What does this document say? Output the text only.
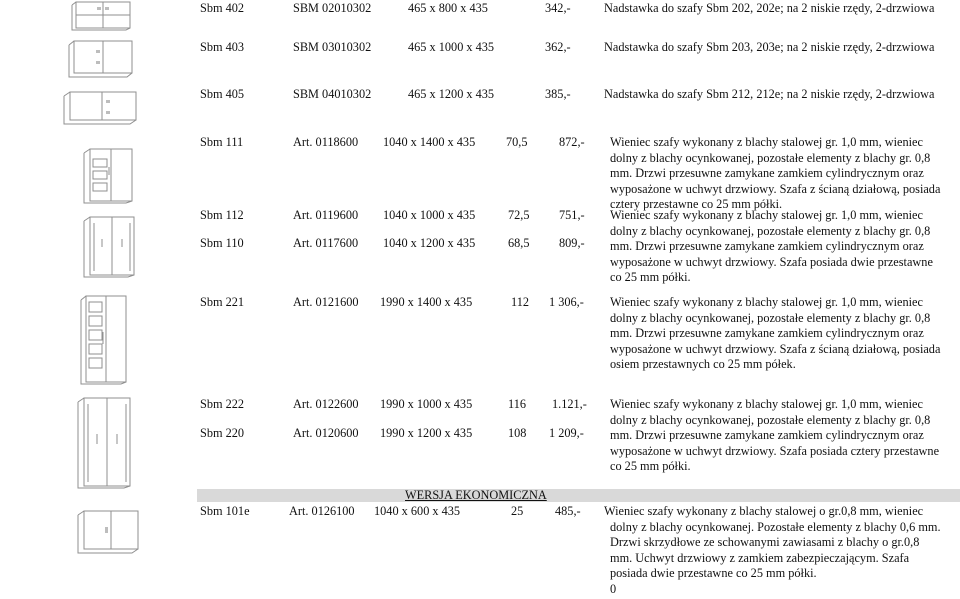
Sbm 402	SBM 02010302	465 x 800 x 435	342,-	Nadstawka do szafy Sbm 202, 202e; na 2 niskie rzędy, 2-drzwiowa
Sbm 403	SBM 03010302	465 x 1000 x 435	362,-	Nadstawka do szafy Sbm 203, 203e; na 2 niskie rzędy, 2-drzwiowa
Sbm 405	SBM 04010302	465 x 1200 x 435	385,-	Nadstawka do szafy Sbm 212, 212e; na 2 niskie rzędy, 2-drzwiowa
Sbm 111	Art. 0118600 1040 x 1400 x 435	70,5	872,- Wieniec szafy wykonany z blachy stalowej gr. 1,0 mm, wieniec
dolny z blachy ocynkowanej, pozostałe elementy z blachy gr. 0,8
mm. Drzwi przesuwne zamykane zamkiem cylindrycznym oraz
wyposażone w uchwyt drzwiowy. Szafa z ścianą działową, posiada
cztery przestawne co 25 mm półki.
Sbm 112	Art. 0119600 1040 x 1000 x 435	72,5 751,- Wieniec szafy wykonany z blachy stalowej gr. 1,0 mm, wieniec
dolny z blachy ocynkowanej, pozostałe elementy z blachy gr. 0,8
mm. Drzwi przesuwne zamykane zamkiem cylindrycznym oraz
wyposażone w uchwyt drzwiowy. Szafa posiada dwie przestawne
co 25 mm półki.
Sbm 110	Art. 0117600 1040 x 1200 x 435	68,5 809,-
Sbm 221	Art. 0121600 1990 x 1400 x 435	112 1 306,- Wieniec szafy wykonany z blachy stalowej gr. 1,0 mm, wieniec
dolny z blachy ocynkowanej, pozostałe elementy z blachy gr. 0,8
mm. Drzwi przesuwne zamykane zamkiem cylindrycznym oraz
wyposażone w uchwyt drzwiowy. Szafa z ścianą działową, posiada
osiem przestawnych co 25 mm półek.
Sbm 222	Art. 0122600 1990 x 1000 x 435	116 1.121,- Wieniec szafy wykonany z blachy stalowej gr. 1,0 mm, wieniec
dolny z blachy ocynkowanej, pozostałe elementy z blachy gr. 0,8
mm. Drzwi przesuwne zamykane zamkiem cylindrycznym oraz
wyposażone w uchwyt drzwiowy. Szafa posiada cztery przestawne
co 25 mm półki.
Sbm 220	Art. 0120600 1990 x 1200 x 435	108 1 209,-
WERSJA EKONOMICZNA
Sbm 101e	Art. 0126100 1040 x 600 x 435	25	485,- Wieniec szafy wykonany z blachy stalowej o gr.0,8 mm, wieniec
dolny z blachy ocynkowanej. Pozostałe elementy z blachy 0,6 mm.
Drzwi skrzydłowe ze schowanymi zawiasami z blachy o gr.0,8
mm. Uchwyt drzwiowy z zamkiem zabezpieczającym. Szafa
posiada dwie przestawne co 25 mm półki.
0
